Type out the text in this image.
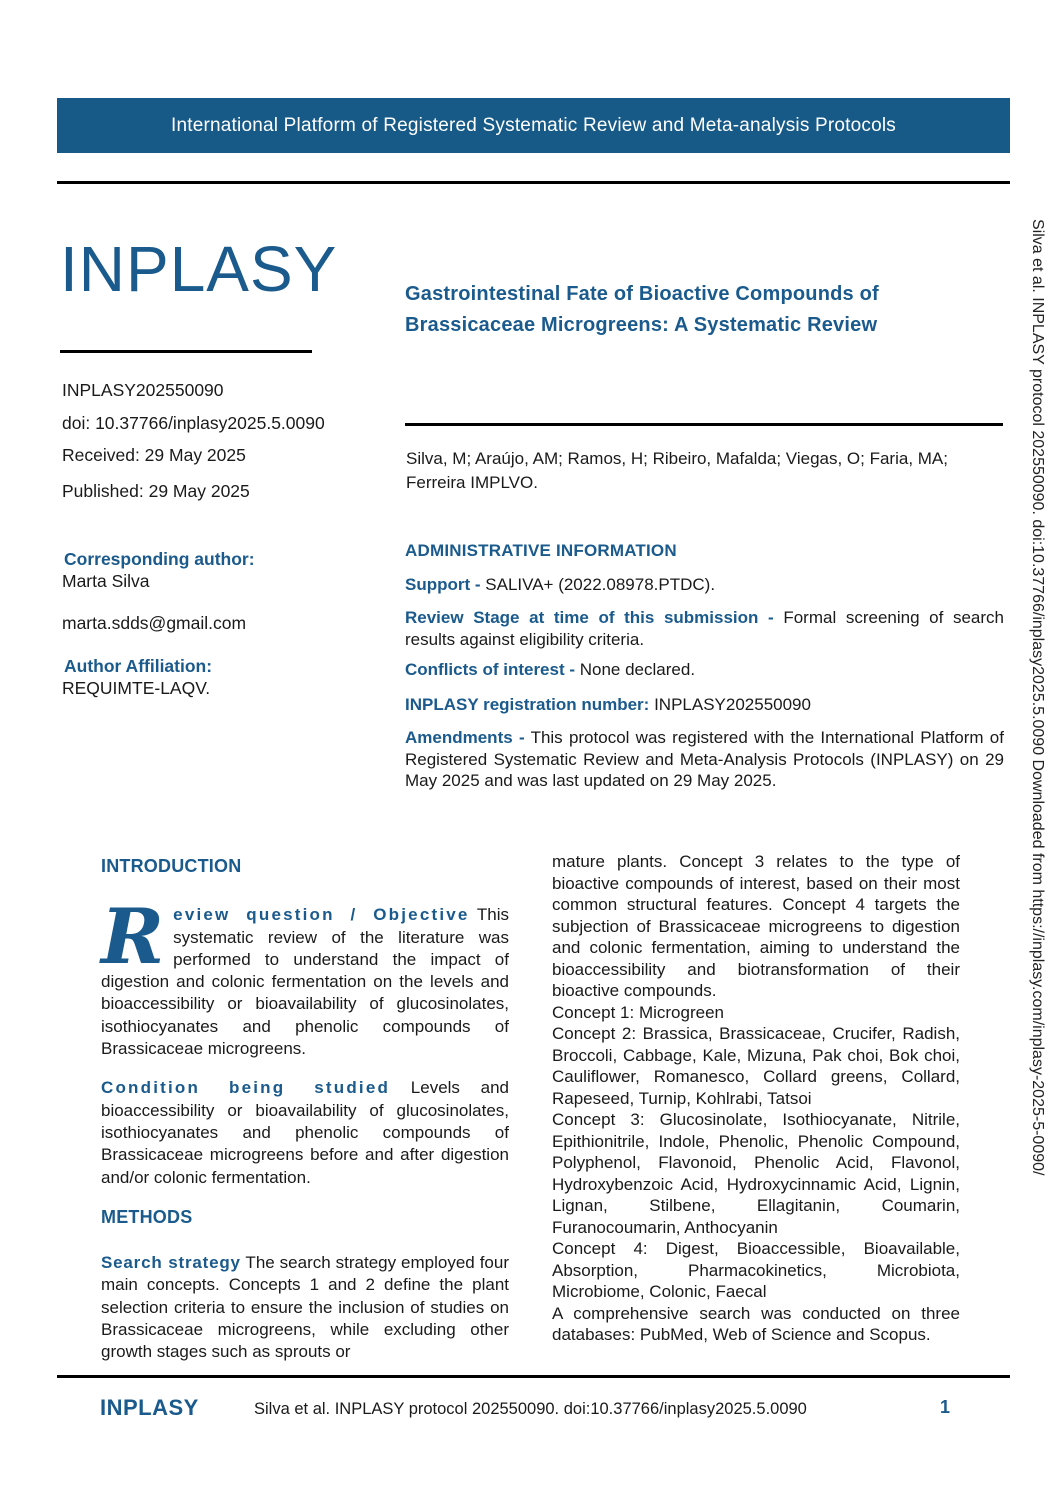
International Platform of Registered Systematic Review and Meta-analysis Protocols
INPLASY
INPLASY202550090
doi: 10.37766/inplasy2025.5.0090
Received: 29 May 2025
Published: 29 May 2025
Corresponding author:
Marta Silva
marta.sdds@gmail.com
Author Affiliation:
REQUIMTE-LAQV.
Gastrointestinal Fate of Bioactive Compounds of Brassicaceae Microgreens: A Systematic Review
Silva, M; Araújo, AM; Ramos, H; Ribeiro, Mafalda; Viegas, O; Faria, MA; Ferreira IMPLVO.
ADMINISTRATIVE INFORMATION
Support - SALIVA+ (2022.08978.PTDC).
Review Stage at time of this submission - Formal screening of search results against eligibility criteria.
Conflicts of interest - None declared.
INPLASY registration number: INPLASY202550090
Amendments - This protocol was registered with the International Platform of Registered Systematic Review and Meta-Analysis Protocols (INPLASY) on 29 May 2025 and was last updated on 29 May 2025.
INTRODUCTION

Review question / Objective This systematic review of the literature was performed to understand the impact of digestion and colonic fermentation on the levels and bioaccessibility or bioavailability of glucosinolates, isothiocyanates and phenolic compounds of Brassicaceae microgreens.

Condition being studied Levels and bioaccessibility or bioavailability of glucosinolates, isothiocyanates and phenolic compounds of Brassicaceae microgreens before and after digestion and/or colonic fermentation.

METHODS

Search strategy The search strategy employed four main concepts. Concepts 1 and 2 define the plant selection criteria to ensure the inclusion of studies on Brassicaceae microgreens, while excluding other growth stages such as sprouts or

mature plants. Concept 3 relates to the type of bioactive compounds of interest, based on their most common structural features. Concept 4 targets the subjection of Brassicaceae microgreens to digestion and colonic fermentation, aiming to understand the bioaccessibility and biotransformation of their bioactive compounds.

Concept 1: Microgreen

Concept 2: Brassica, Brassicaceae, Crucifer, Radish, Broccoli, Cabbage, Kale, Mizuna, Pak choi, Bok choi, Cauliflower, Romanesco, Collard greens, Collard, Rapeseed, Turnip, Kohlrabi, Tatsoi

Concept 3: Glucosinolate, Isothiocyanate, Nitrile, Epithionitrile, Indole, Phenolic, Phenolic Compound, Polyphenol, Flavonoid, Phenolic Acid, Flavonol, Hydroxybenzoic Acid, Hydroxycinnamic Acid, Lignin, Lignan, Stilbene, Ellagitanin, Coumarin, Furanocoumarin, Anthocyanin

Concept 4: Digest, Bioaccessible, Bioavailable, Absorption, Pharmacokinetics, Microbiota, Microbiome, Colonic, Faecal

A comprehensive search was conducted on three databases: PubMed, Web of Science and Scopus.

INPLASY	Silva et al. INPLASY protocol 202550090. doi:10.37766/inplasy2025.5.0090	1
Silva et al. INPLASY protocol 202550090. doi:10.37766/inplasy2025.5.0090 Downloaded from https://inplasy.com/inplasy-2025-5-0090/
